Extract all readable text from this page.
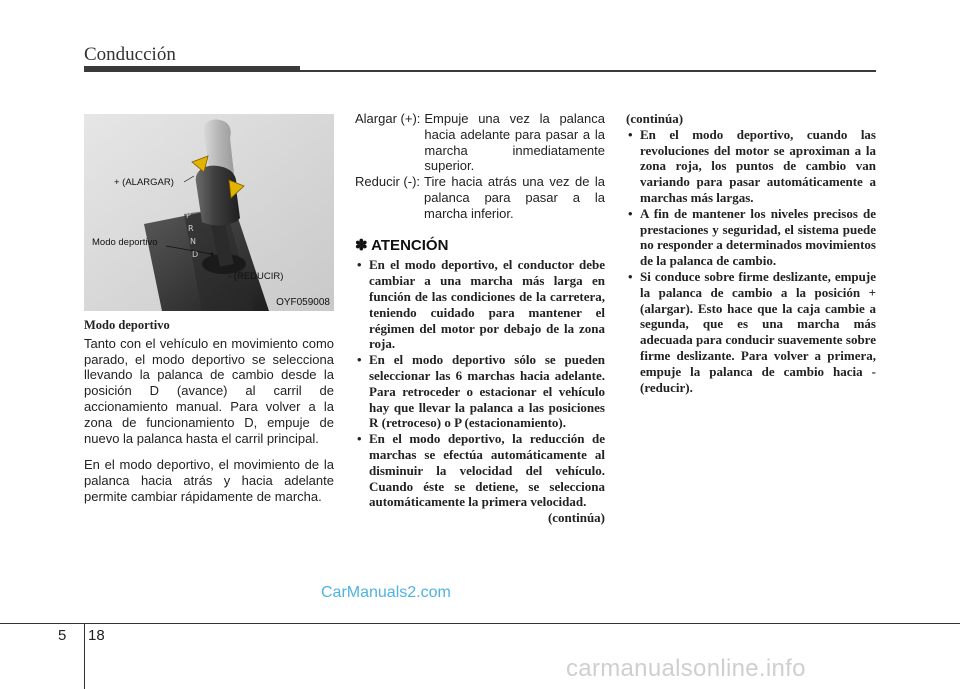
Conducción
P
R
N
D
+ (ALARGAR)
Modo deportivo
- (REDUCIR)
OYF059008

Modo deportivo

Tanto con el vehículo en movimiento como parado, el modo deportivo se selecciona llevando la palanca de cambio desde la posición D (avance) al carril de accionamiento manual. Para volver a la zona de funcionamiento D, empuje de nuevo la palanca hasta el carril principal.

En el modo deportivo, el movimiento de la palanca hacia atrás y hacia adelante permite cambiar rápidamente de marcha.

Alargar (+): Empuje una vez la palanca hacia adelante para pasar a la marcha inmediatamente superior.
Reducir (-): Tire hacia atrás una vez de la palanca para pasar a la marcha inferior.
✽ ATENCIÓN
• En el modo deportivo, el conductor debe cambiar a una marcha más larga en función de las condiciones de la carretera, teniendo cuidado para mantener el régimen del motor por debajo de la zona roja.
• En el modo deportivo sólo se pueden seleccionar las 6 marchas hacia adelante. Para retroceder o estacionar el vehículo hay que llevar la palanca a las posiciones R (retroceso) o P (estacionamiento).
• En el modo deportivo, la reducción de marchas se efectúa automáticamente al disminuir la velocidad del vehículo. Cuando éste se detiene, se selecciona automáticamente la primera velocidad.

(continúa)

(continúa)

• En el modo deportivo, cuando las revoluciones del motor se aproximan a la zona roja, los puntos de cambio van variando para pasar automáticamente a marchas más largas.
• A fin de mantener los niveles precisos de prestaciones y seguridad, el sistema puede no responder a determinados movimientos de la palanca de cambio.
• Si conduce sobre firme deslizante, empuje la palanca de cambio a la posición + (alargar). Esto hace que la caja cambie a segunda, que es una marcha más adecuada para conducir suavemente sobre firme deslizante. Para volver a primera, empuje la palanca de cambio hacia - (reducir).
CarManuals2.com
5 18
carmanualsonline.info
